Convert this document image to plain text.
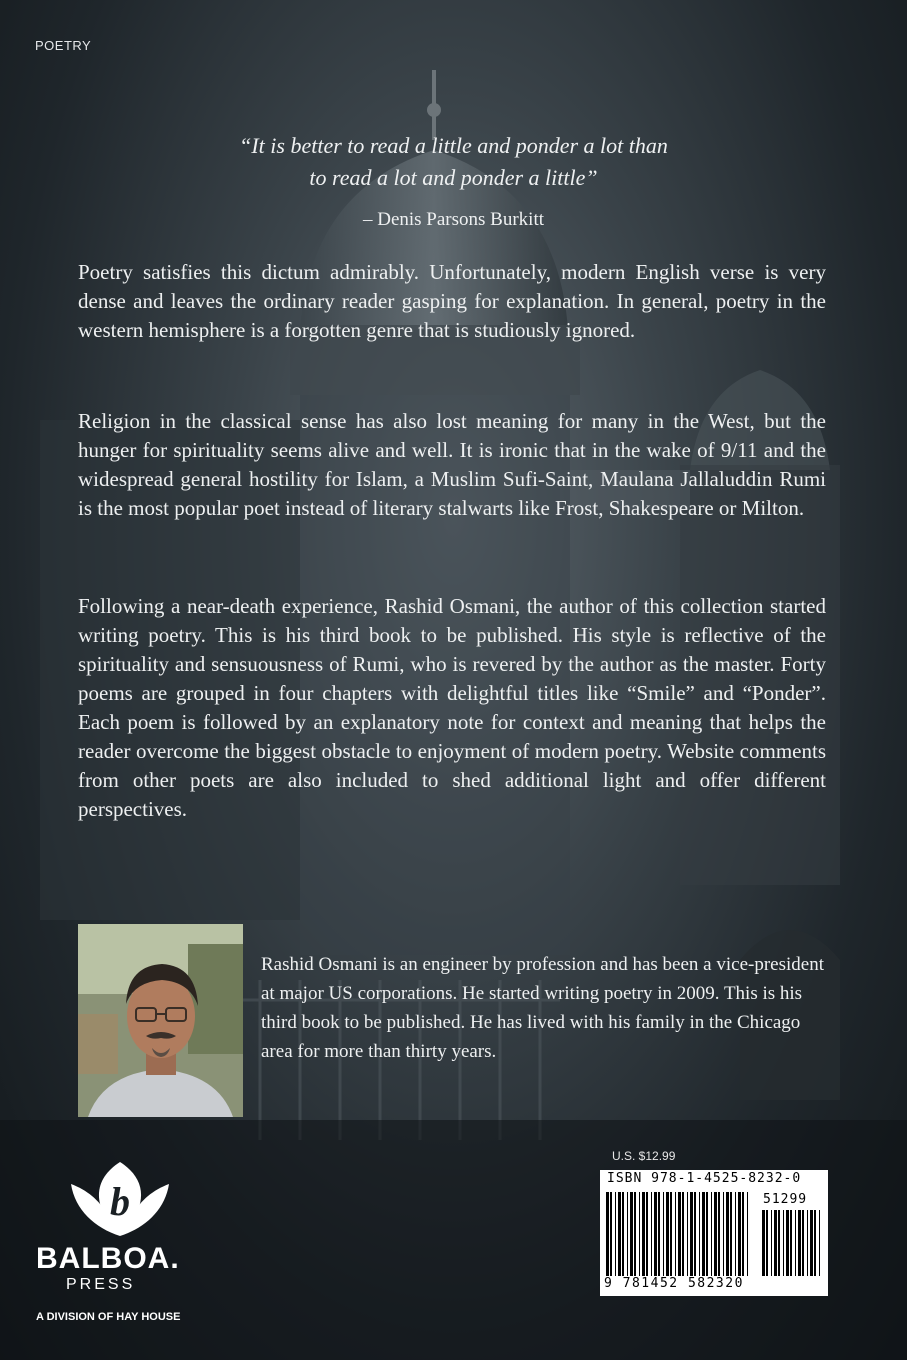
POETRY
“It is better to read a little and ponder a lot than
to read a lot and ponder a little”
– Denis Parsons Burkitt
Poetry satisfies this dictum admirably. Unfortunately, modern English verse is very dense and leaves the ordinary reader gasping for explanation. In general, poetry in the western hemisphere is a forgotten genre that is studiously ignored.
Religion in the classical sense has also lost meaning for many in the West, but the hunger for spirituality seems alive and well. It is ironic that in the wake of 9/11 and the widespread general hostility for Islam, a Muslim Sufi-Saint, Maulana Jallaluddin Rumi is the most popular poet instead of literary stalwarts like Frost, Shakespeare or Milton.
Following a near-death experience, Rashid Osmani, the author of this collection started writing poetry. This is his third book to be published. His style is reflective of the spirituality and sensuousness of Rumi, who is revered by the author as the master. Forty poems are grouped in four chapters with delightful titles like “Smile” and “Ponder”. Each poem is followed by an explanatory note for context and meaning that helps the reader overcome the biggest obstacle to enjoyment of modern poetry. Website comments from other poets are also included to shed additional light and offer different perspectives.
Rashid Osmani is an engineer by profession and has been a vice-president at major US corporations. He started writing poetry in 2009. This is his third book to be published. He has lived with his family in the Chicago area for more than thirty years.
b
BALBOA.
PRESS
A DIVISION OF HAY HOUSE
U.S. $12.99
ISBN 978-1-4525-8232-0
51299
9 781452 582320
